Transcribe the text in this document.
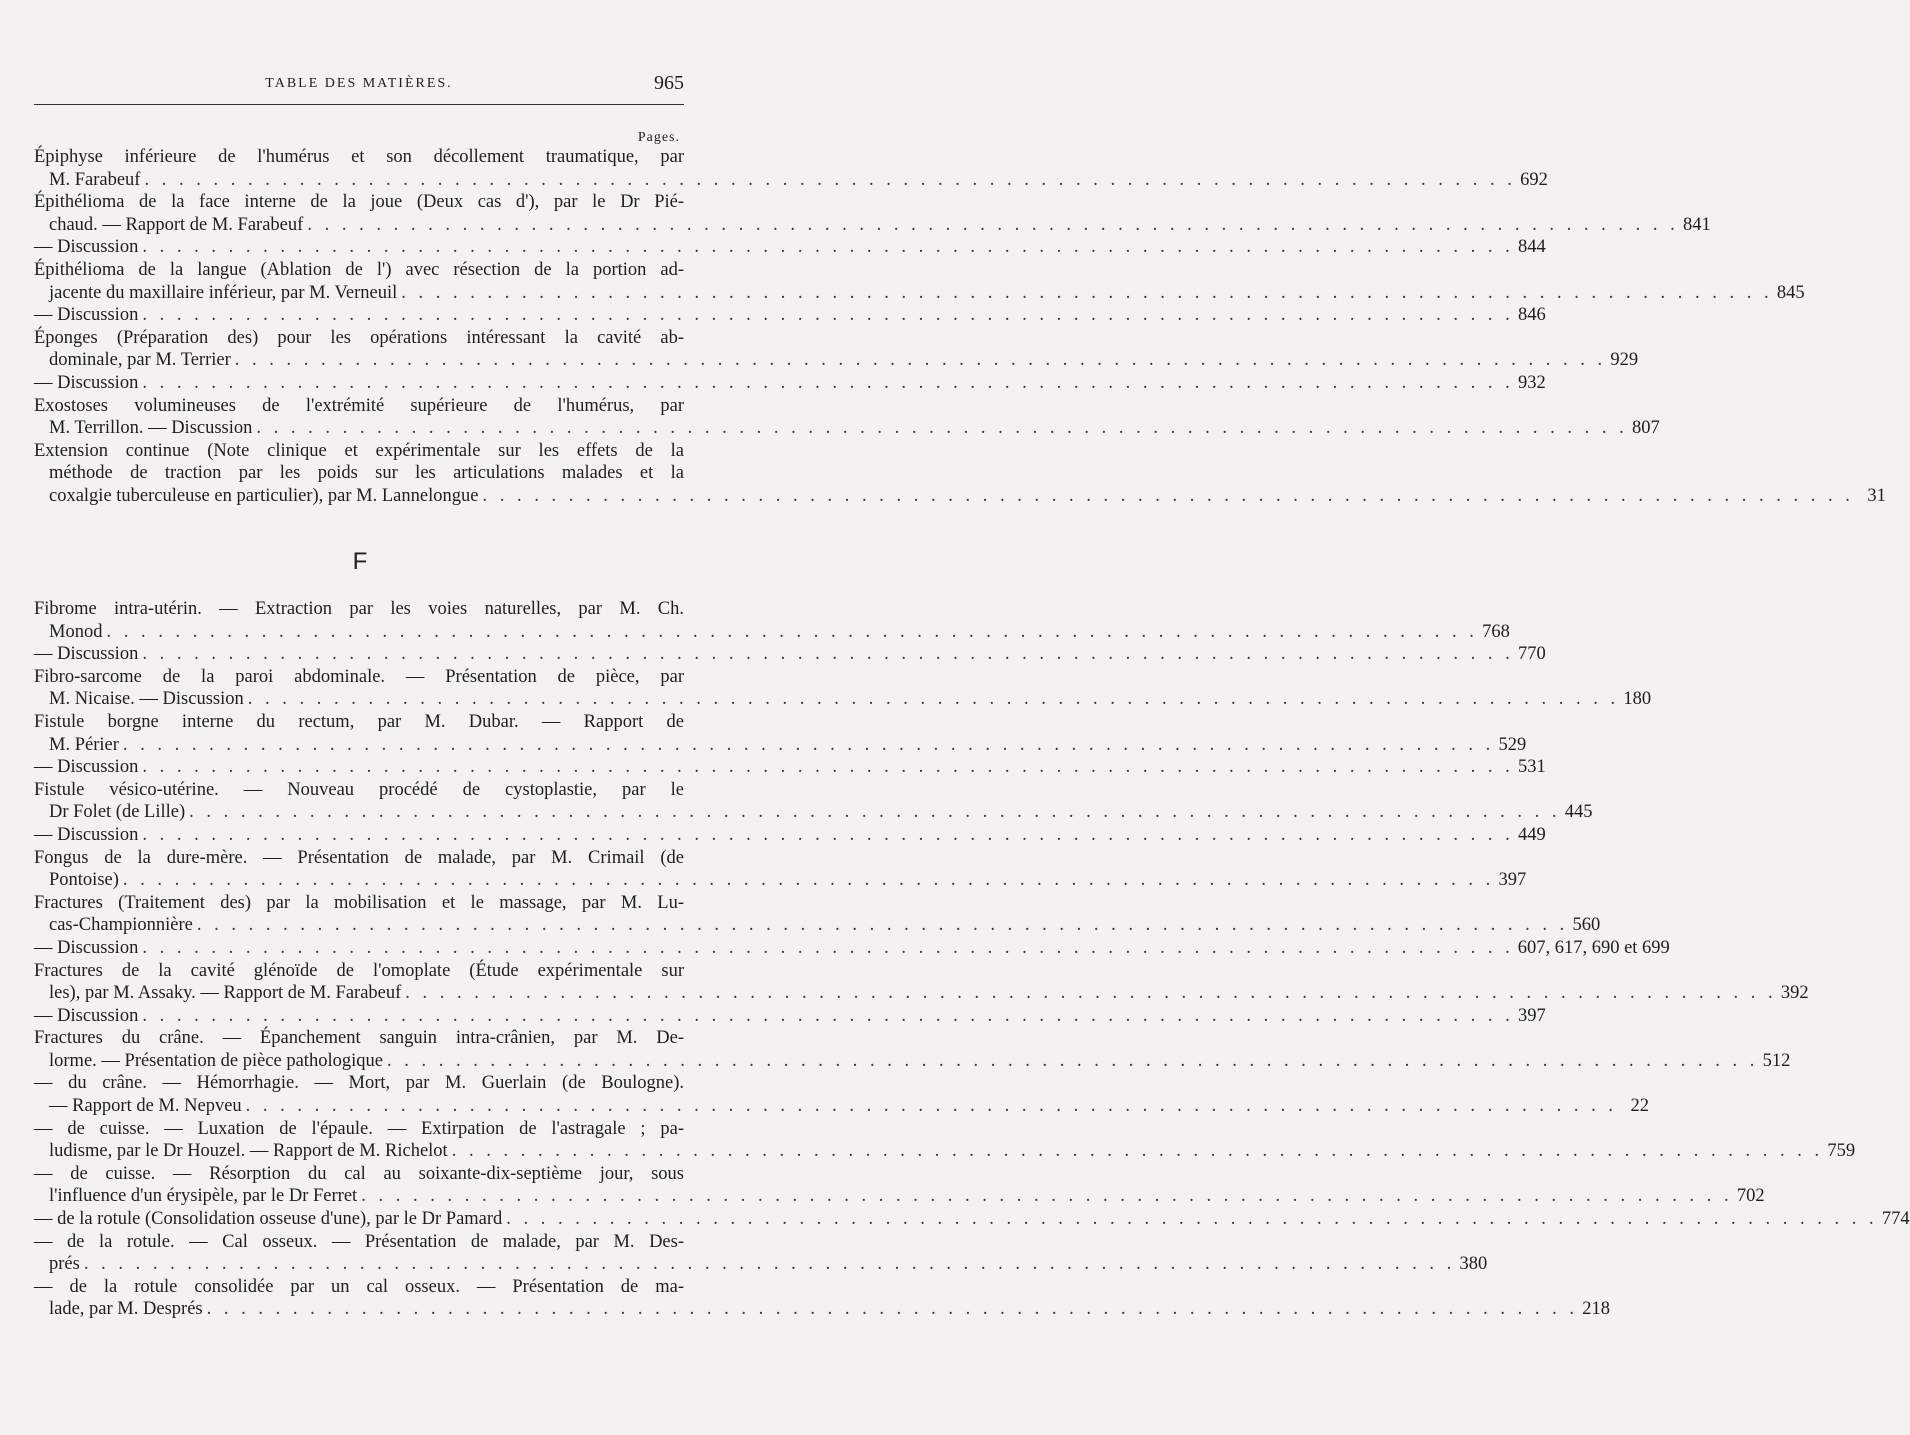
TABLE DES MATIÈRES.	965
Pages.
Épiphyse inférieure de l'humérus et son décollement traumatique, par
M. Farabeuf . . . . . . . . . . . . . . . . . . . . . . . . . . . . . . . . . . . . . . . . . . . . . . . . . . . . . . . . . . . . . . . . . . . . . . . . . . . . . . . . 692
Épithélioma de la face interne de la joue (Deux cas d'), par le Dr Pié-
chaud. — Rapport de M. Farabeuf . . . . . . . . . . . . . . . . . . . . . . . . . . . . . . . . . . . . . . . . . . . . . . . . . . . . . . . . . . . . . . . . . . . . . . . . . . . . . . . . 841
— Discussion . . . . . . . . . . . . . . . . . . . . . . . . . . . . . . . . . . . . . . . . . . . . . . . . . . . . . . . . . . . . . . . . . . . . . . . . . . . . . . . . 844
Épithélioma de la langue (Ablation de l') avec résection de la portion ad-
jacente du maxillaire inférieur, par M. Verneuil . . . . . . . . . . . . . . . . . . . . . . . . . . . . . . . . . . . . . . . . . . . . . . . . . . . . . . . . . . . . . . . . . . . . . . . . . . . . . . . . 845
— Discussion . . . . . . . . . . . . . . . . . . . . . . . . . . . . . . . . . . . . . . . . . . . . . . . . . . . . . . . . . . . . . . . . . . . . . . . . . . . . . . . . 846
Éponges (Préparation des) pour les opérations intéressant la cavité ab-
dominale, par M. Terrier . . . . . . . . . . . . . . . . . . . . . . . . . . . . . . . . . . . . . . . . . . . . . . . . . . . . . . . . . . . . . . . . . . . . . . . . . . . . . . . . 929
— Discussion . . . . . . . . . . . . . . . . . . . . . . . . . . . . . . . . . . . . . . . . . . . . . . . . . . . . . . . . . . . . . . . . . . . . . . . . . . . . . . . . 932
Exostoses volumineuses de l'extrémité supérieure de l'humérus, par
M. Terrillon. — Discussion . . . . . . . . . . . . . . . . . . . . . . . . . . . . . . . . . . . . . . . . . . . . . . . . . . . . . . . . . . . . . . . . . . . . . . . . . . . . . . . . 807
Extension continue (Note clinique et expérimentale sur les effets de la
méthode de traction par les poids sur les articulations malades et la
coxalgie tuberculeuse en particulier), par M. Lannelongue . . . . . . . . . . . . . . . . . . . . . . . . . . . . . . . . . . . . . . . . . . . . . . . . . . . . . . . . . . . . . . . . . . . . . . . . . . . . . . . . 31
F
Fibrome intra-utérin. — Extraction par les voies naturelles, par M. Ch.
Monod . . . . . . . . . . . . . . . . . . . . . . . . . . . . . . . . . . . . . . . . . . . . . . . . . . . . . . . . . . . . . . . . . . . . . . . . . . . . . . . . 768
— Discussion . . . . . . . . . . . . . . . . . . . . . . . . . . . . . . . . . . . . . . . . . . . . . . . . . . . . . . . . . . . . . . . . . . . . . . . . . . . . . . . . 770
Fibro-sarcome de la paroi abdominale. — Présentation de pièce, par
M. Nicaise. — Discussion . . . . . . . . . . . . . . . . . . . . . . . . . . . . . . . . . . . . . . . . . . . . . . . . . . . . . . . . . . . . . . . . . . . . . . . . . . . . . . . . 180
Fistule borgne interne du rectum, par M. Dubar. — Rapport de
M. Périer . . . . . . . . . . . . . . . . . . . . . . . . . . . . . . . . . . . . . . . . . . . . . . . . . . . . . . . . . . . . . . . . . . . . . . . . . . . . . . . . 529
— Discussion . . . . . . . . . . . . . . . . . . . . . . . . . . . . . . . . . . . . . . . . . . . . . . . . . . . . . . . . . . . . . . . . . . . . . . . . . . . . . . . . 531
Fistule vésico-utérine. — Nouveau procédé de cystoplastie, par le
Dr Folet (de Lille) . . . . . . . . . . . . . . . . . . . . . . . . . . . . . . . . . . . . . . . . . . . . . . . . . . . . . . . . . . . . . . . . . . . . . . . . . . . . . . . . 445
— Discussion . . . . . . . . . . . . . . . . . . . . . . . . . . . . . . . . . . . . . . . . . . . . . . . . . . . . . . . . . . . . . . . . . . . . . . . . . . . . . . . . 449
Fongus de la dure-mère. — Présentation de malade, par M. Crimail (de
Pontoise) . . . . . . . . . . . . . . . . . . . . . . . . . . . . . . . . . . . . . . . . . . . . . . . . . . . . . . . . . . . . . . . . . . . . . . . . . . . . . . . . 397
Fractures (Traitement des) par la mobilisation et le massage, par M. Lu-
cas-Championnière . . . . . . . . . . . . . . . . . . . . . . . . . . . . . . . . . . . . . . . . . . . . . . . . . . . . . . . . . . . . . . . . . . . . . . . . . . . . . . . . 560
— Discussion . . . . . . . . . . . . . . . . . . . . . . . . . . . . . . . . . . . . . . . . . . . . . . . . . . . . . . . . . . . . . . . . . . . . . . . . . . . . . . . . 607, 617, 690 et 699
Fractures de la cavité glénoïde de l'omoplate (Étude expérimentale sur
les), par M. Assaky. — Rapport de M. Farabeuf . . . . . . . . . . . . . . . . . . . . . . . . . . . . . . . . . . . . . . . . . . . . . . . . . . . . . . . . . . . . . . . . . . . . . . . . . . . . . . . . 392
— Discussion . . . . . . . . . . . . . . . . . . . . . . . . . . . . . . . . . . . . . . . . . . . . . . . . . . . . . . . . . . . . . . . . . . . . . . . . . . . . . . . . 397
Fractures du crâne. — Épanchement sanguin intra-crânien, par M. De-
lorme. — Présentation de pièce pathologique . . . . . . . . . . . . . . . . . . . . . . . . . . . . . . . . . . . . . . . . . . . . . . . . . . . . . . . . . . . . . . . . . . . . . . . . . . . . . . . . 512
— du crâne. — Hémorrhagie. — Mort, par M. Guerlain (de Boulogne).
— Rapport de M. Nepveu . . . . . . . . . . . . . . . . . . . . . . . . . . . . . . . . . . . . . . . . . . . . . . . . . . . . . . . . . . . . . . . . . . . . . . . . . . . . . . . . 22
— de cuisse. — Luxation de l'épaule. — Extirpation de l'astragale ; pa-
ludisme, par le Dr Houzel. — Rapport de M. Richelot . . . . . . . . . . . . . . . . . . . . . . . . . . . . . . . . . . . . . . . . . . . . . . . . . . . . . . . . . . . . . . . . . . . . . . . . . . . . . . . . 759
— de cuisse. — Résorption du cal au soixante-dix-septième jour, sous
l'influence d'un érysipèle, par le Dr Ferret . . . . . . . . . . . . . . . . . . . . . . . . . . . . . . . . . . . . . . . . . . . . . . . . . . . . . . . . . . . . . . . . . . . . . . . . . . . . . . . . 702
— de la rotule (Consolidation osseuse d'une), par le Dr Pamard . . . . . . . . . . . . . . . . . . . . . . . . . . . . . . . . . . . . . . . . . . . . . . . . . . . . . . . . . . . . . . . . . . . . . . . . . . . . . . . . 774
— de la rotule. — Cal osseux. — Présentation de malade, par M. Des-
prés . . . . . . . . . . . . . . . . . . . . . . . . . . . . . . . . . . . . . . . . . . . . . . . . . . . . . . . . . . . . . . . . . . . . . . . . . . . . . . . . 380
— de la rotule consolidée par un cal osseux. — Présentation de ma-
lade, par M. Després . . . . . . . . . . . . . . . . . . . . . . . . . . . . . . . . . . . . . . . . . . . . . . . . . . . . . . . . . . . . . . . . . . . . . . . . . . . . . . . . 218
